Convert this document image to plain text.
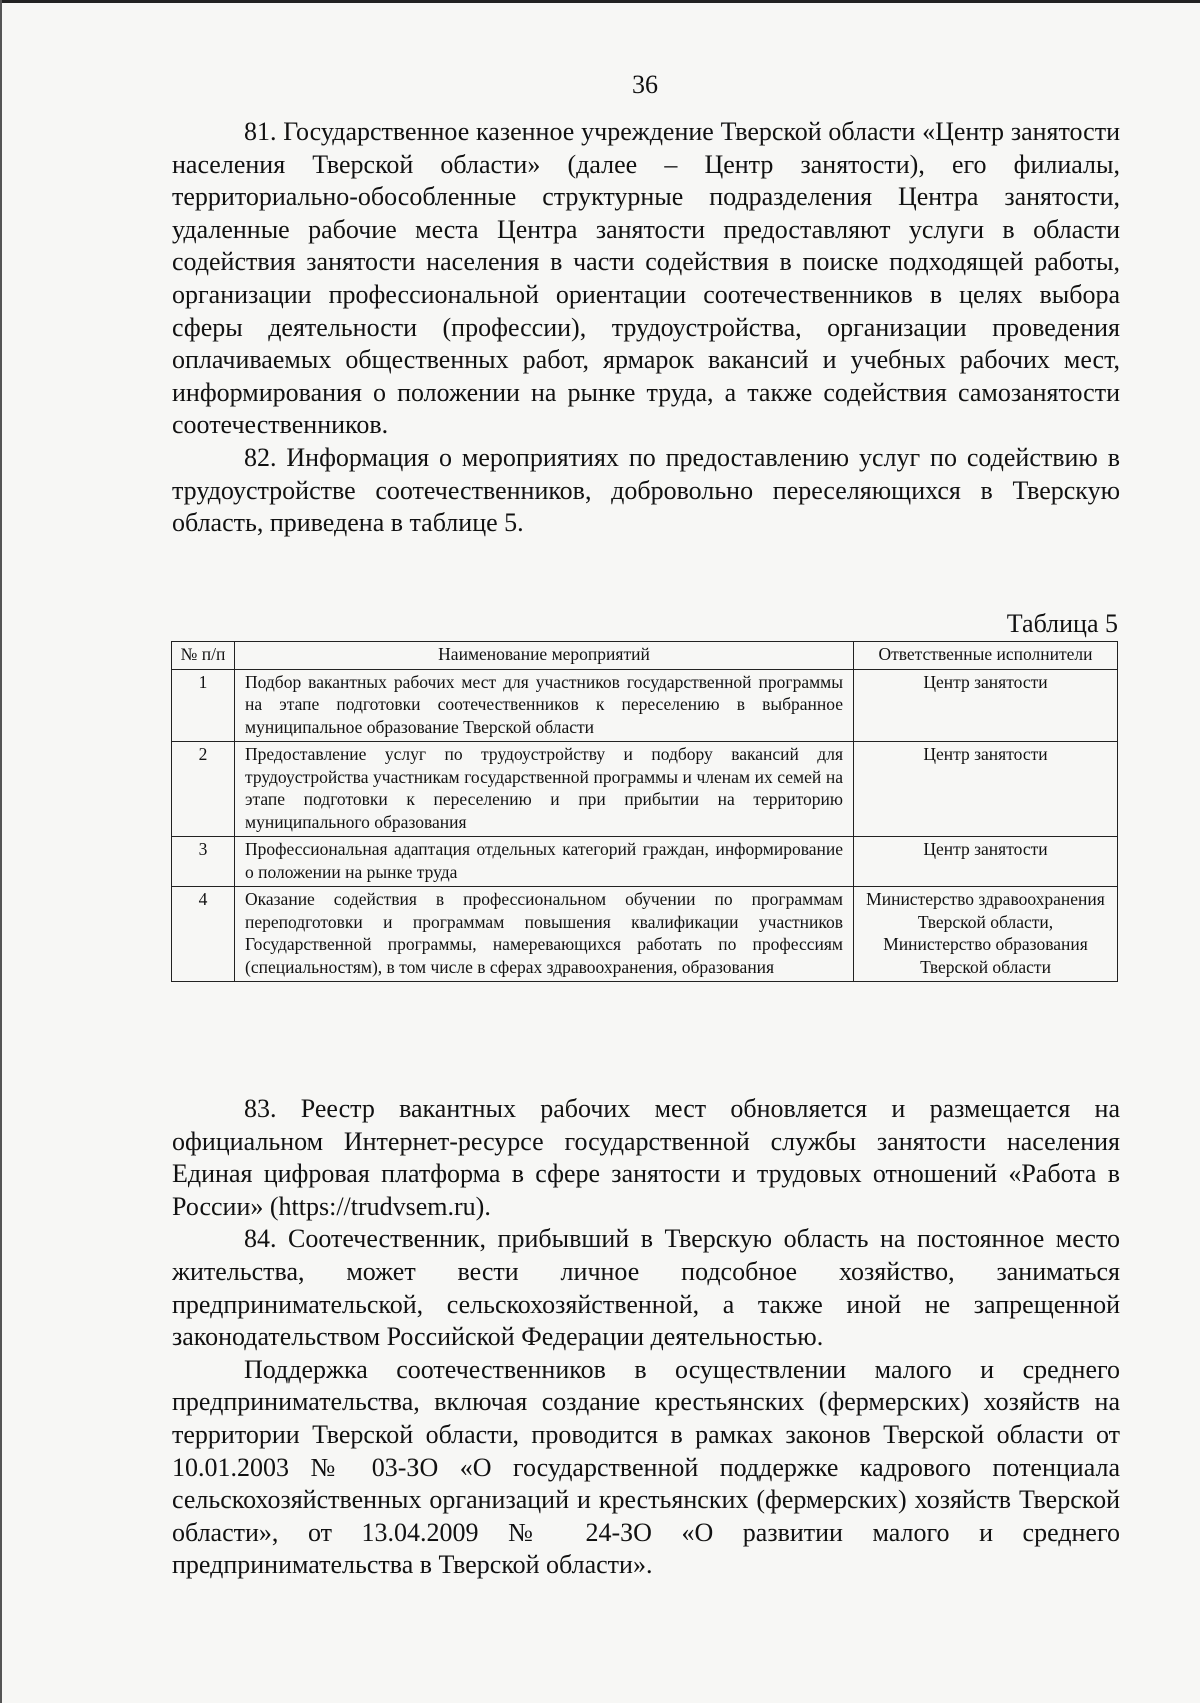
36

81. Государственное казенное учреждение Тверской области «Центр занятости населения Тверской области» (далее – Центр занятости), его филиалы, территориально-обособленные структурные подразделения Центра занятости, удаленные рабочие места Центра занятости предоставляют услуги в области содействия занятости населения в части содействия в поиске подходящей работы, организации профессиональной ориентации соотечественников в целях выбора сферы деятельности (профессии), трудоустройства, организации проведения оплачиваемых общественных работ, ярмарок вакансий и учебных рабочих мест, информирования о положении на рынке труда, а также содействия самозанятости соотечественников.

82. Информация о мероприятиях по предоставлению услуг по содействию в трудоустройстве соотечественников, добровольно переселяющихся в Тверскую область, приведена в таблице 5.

Таблица 5
№ п/п	Наименование мероприятий	Ответственные исполнители
1	Подбор вакантных рабочих мест для участников государственной программы на этапе подготовки соотечественников к переселению в выбранное муниципальное образование Тверской области	Центр занятости
2	Предоставление услуг по трудоустройству и подбору вакансий для трудоустройства участникам государственной программы и членам их семей на этапе подготовки к переселению и при прибытии на территорию муниципального образования	Центр занятости
3	Профессиональная адаптация отдельных категорий граждан, информирование о положении на рынке труда	Центр занятости
4	Оказание содействия в профессиональном обучении по программам переподготовки и программам повышения квалификации участников Государственной программы, намеревающихся работать по профессиям (специальностям), в том числе в сферах здравоохранения, образования	Министерство здравоохранения Тверской области, Министерство образования Тверской области

83. Реестр вакантных рабочих мест обновляется и размещается на официальном Интернет-ресурсе государственной службы занятости населения Единая цифровая платформа в сфере занятости и трудовых отношений «Работа в России» (https://trudvsem.ru).

84. Соотечественник, прибывший в Тверскую область на постоянное место жительства, может вести личное подсобное хозяйство, заниматься предпринимательской, сельскохозяйственной, а также иной не запрещенной законодательством Российской Федерации деятельностью.

Поддержка соотечественников в осуществлении малого и среднего предпринимательства, включая создание крестьянских (фермерских) хозяйств на территории Тверской области, проводится в рамках законов Тверской области от 10.01.2003 № 03-ЗО «О государственной поддержке кадрового потенциала сельскохозяйственных организаций и крестьянских (фермерских) хозяйств Тверской области», от 13.04.2009 № 24-ЗО «О развитии малого и среднего предпринимательства в Тверской области».
